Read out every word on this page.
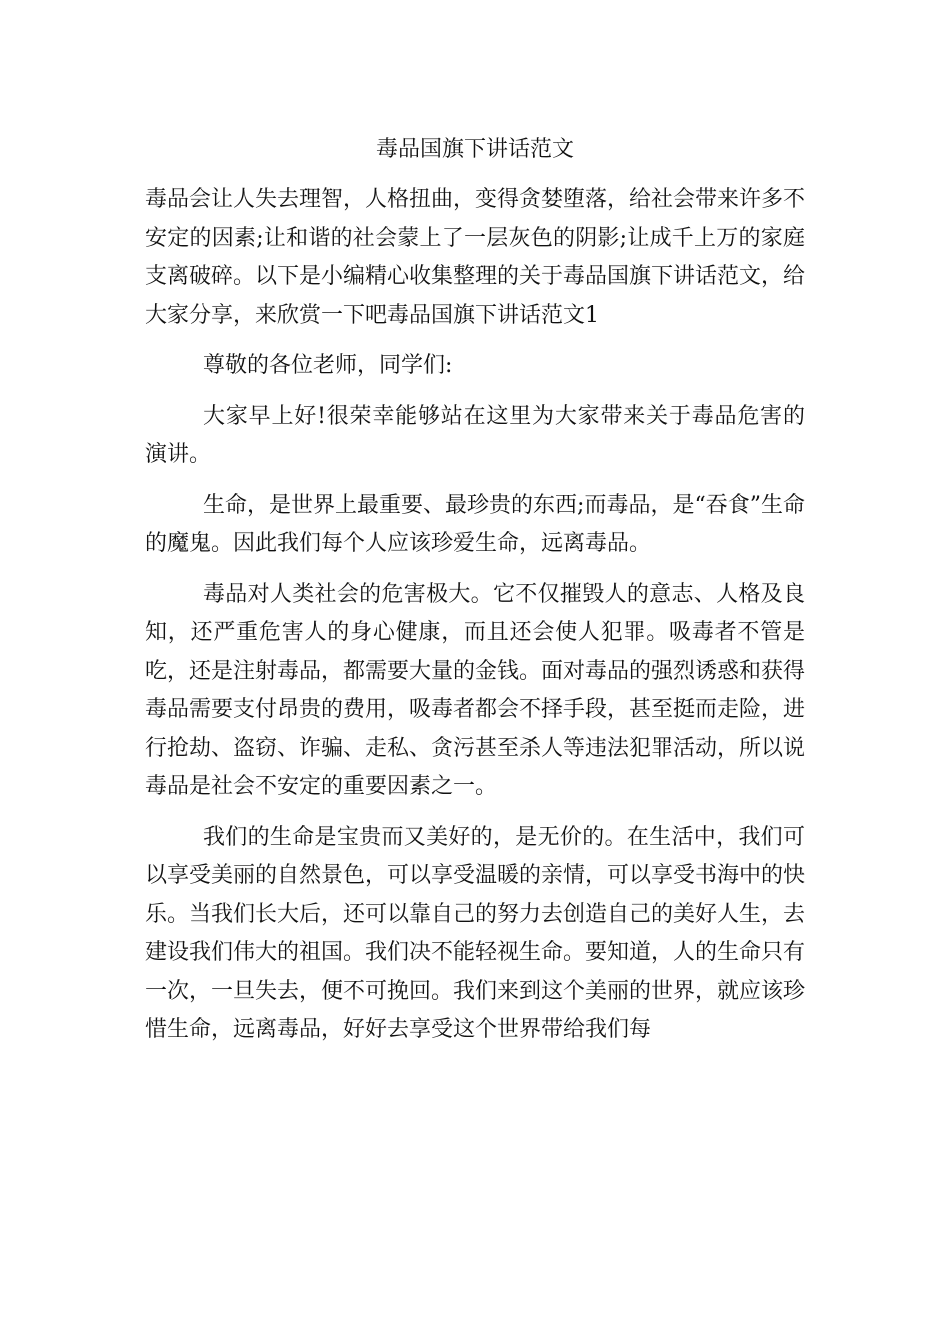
毒品国旗下讲话范文

毒品会让人失去理智，人格扭曲，变得贪婪堕落，给社会带来许多不安定的因素;让和谐的社会蒙上了一层灰色的阴影;让成千上万的家庭支离破碎。以下是小编精心收集整理的关于毒品国旗下讲话范文，给大家分享，来欣赏一下吧毒品国旗下讲话范文1

尊敬的各位老师，同学们:

大家早上好!很荣幸能够站在这里为大家带来关于毒品危害的演讲。

生命，是世界上最重要、最珍贵的东西;而毒品，是“吞食”生命的魔鬼。因此我们每个人应该珍爱生命，远离毒品。

毒品对人类社会的危害极大。它不仅摧毁人的意志、人格及良知，还严重危害人的身心健康，而且还会使人犯罪。吸毒者不管是吃，还是注射毒品，都需要大量的金钱。面对毒品的强烈诱惑和获得毒品需要支付昂贵的费用，吸毒者都会不择手段，甚至挺而走险，进行抢劫、盗窃、诈骗、走私、贪污甚至杀人等违法犯罪活动，所以说毒品是社会不安定的重要因素之一。

我们的生命是宝贵而又美好的，是无价的。在生活中，我们可以享受美丽的自然景色，可以享受温暖的亲情，可以享受书海中的快乐。当我们长大后，还可以靠自己的努力去创造自己的美好人生，去建设我们伟大的祖国。我们决不能轻视生命。要知道，人的生命只有一次，一旦失去，便不可挽回。我们来到这个美丽的世界，就应该珍惜生命，远离毒品，好好去享受这个世界带给我们每
